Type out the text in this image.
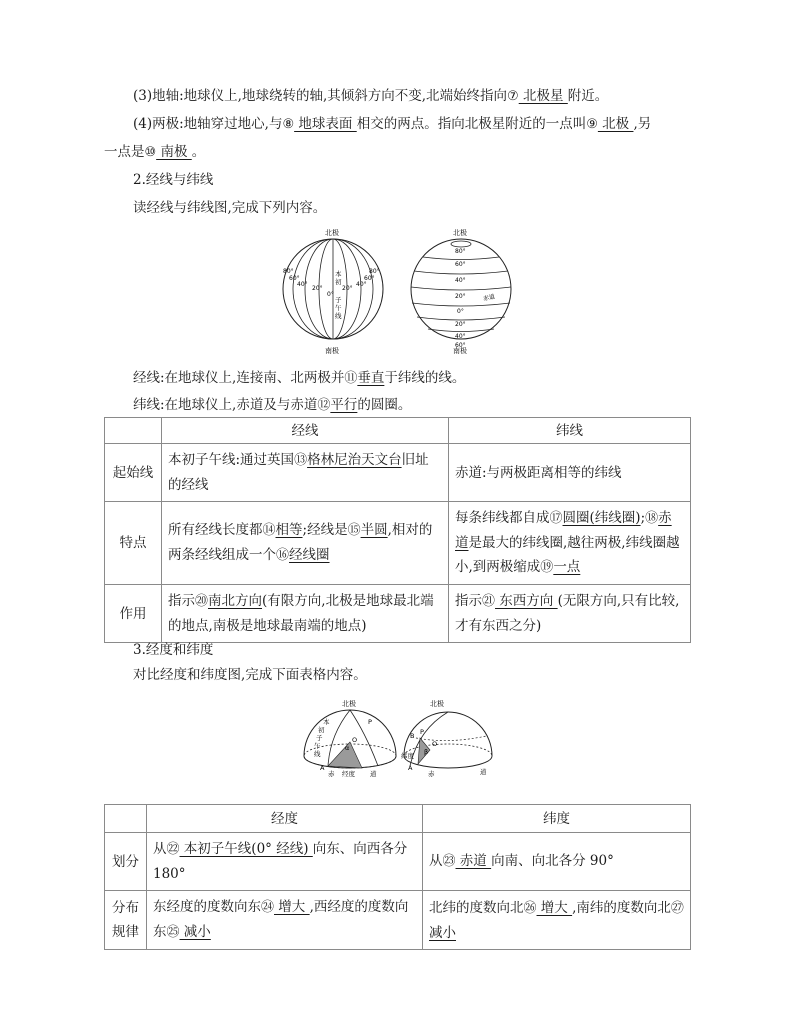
(3)地轴:地球仪上,地球绕转的轴,其倾斜方向不变,北端始终指向⑦ 北极星 附近。
(4)两极:地轴穿过地心,与⑧ 地球表面 相交的两点。指向北极星附近的一点叫⑨ 北极 ,另
一点是⑩ 南极 。
2.经线与纬线
读经线与纬线图,完成下列内容。
北极
南极
80°
60°
40°
20°
80°
60°
40°
20°
0°
本
初
子
午
线
北极
南极
80°
60°
40°
20°
0°
20°
40°
60°
赤道
经线:在地球仪上,连接南、北两极并⑪垂直于纬线的线。
纬线:在地球仪上,赤道及与赤道⑫平行的圆圈。
	经线	纬线
起始线	本初子午线:通过英国⑬格林尼治天文台旧址的经线	赤道:与两极距离相等的纬线
特点	所有经线长度都⑭相等;经线是⑮半圆,相对的两条经线组成一个⑯经线圈	每条纬线都自成⑰圆圈(纬线圈);⑱赤道是最大的纬线圈,越往两极,纬线圈越小,到两极缩成⑲一点
作用	指示⑳南北方向(有限方向,北极是地球最北端的地点,南极是地球最南端的地点)	指示㉑ 东西方向 (无限方向,只有比较,才有东西之分)
3.经度和纬度
对比经度和纬度图,完成下面表格内容。
北极
本
初
子
午
线
P
O
α
A
赤 经度 道
北极
B P
O
β
纬度
A
赤	道
	经度	纬度
划分	从㉒ 本初子午线(0° 经线) 向东、向西各分 180°	从㉓ 赤道 向南、向北各分 90°
分布规律	东经度的度数向东㉔ 增大 ,西经度的度数向东㉕ 减小	北纬的度数向北㉖ 增大 ,南纬的度数向北㉗减小
